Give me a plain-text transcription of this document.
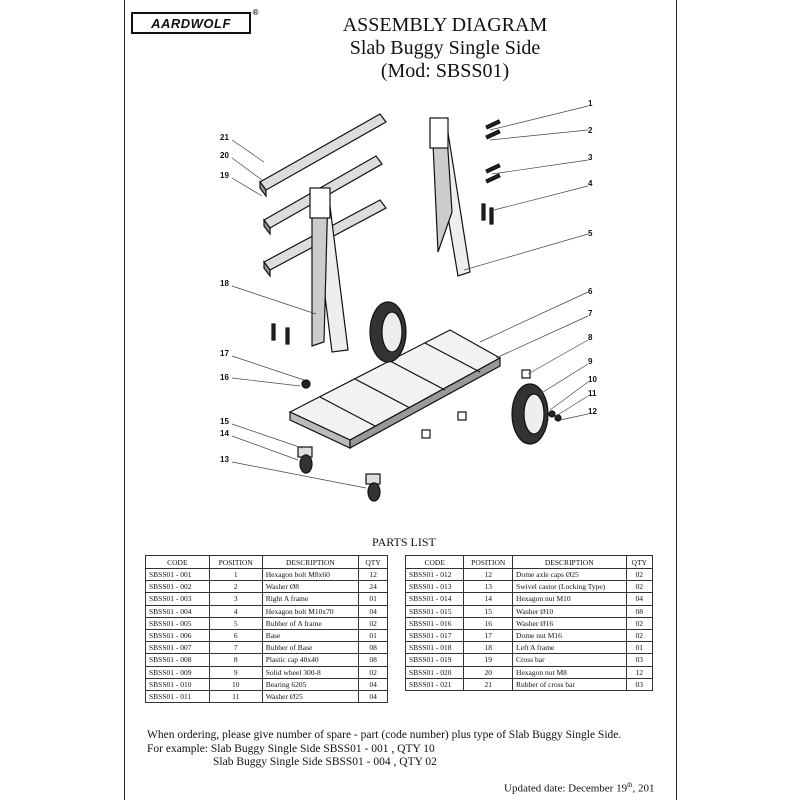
AARDWOLF
®
ASSEMBLY DIAGRAM
Slab Buggy Single Side
(Mod: SBSS01)
1
2
3
4
5
6
7
8
9
10
11
12
13
14
15
16
17
18
19
20
21
PARTS LIST
CODE	POSITION	DESCRIPTION	QTY
SBSS01 - 001	1	Hexagon bolt M8x60	12
SBSS01 - 002	2	Washer Ø8	24
SBSS01 - 003	3	Right A frame	01
SBSS01 - 004	4	Hexagon bolt M10x70	04
SBSS01 - 005	5	Rubber of A frame	02
SBSS01 - 006	6	Base	01
SBSS01 - 007	7	Rubber of Base	08
SBSS01 - 008	8	Plastic cap 40x40	08
SBSS01 - 009	9	Solid wheel 300-8	02
SBSS01 - 010	10	Bearing 6205	04
SBSS01 - 011	11	Washer Ø25	04
CODE	POSITION	DESCRIPTION	QTY
SBSS01 - 012	12	Dome axle caps Ø25	02
SBSS01 - 013	13	Swivel castor (Locking Type)	02
SBSS01 - 014	14	Hexagon nut M10	04
SBSS01 - 015	15	Washer Ø10	08
SBSS01 - 016	16	Washer Ø16	02
SBSS01 - 017	17	Dome nut M16	02
SBSS01 - 018	18	Left A frame	01
SBSS01 - 019	19	Cross bar	03
SBSS01 - 020	20	Hexagon nut M8	12
SBSS01 - 021	21	Rubber of cross bar	03
When ordering, please give number of spare - part (code number) plus type of Slab Buggy Single Side.
For example: Slab Buggy Single Side SBSS01 - 001 , QTY 10
Slab Buggy Single Side SBSS01 - 004 , QTY 02
Updated date: December 19th, 201
